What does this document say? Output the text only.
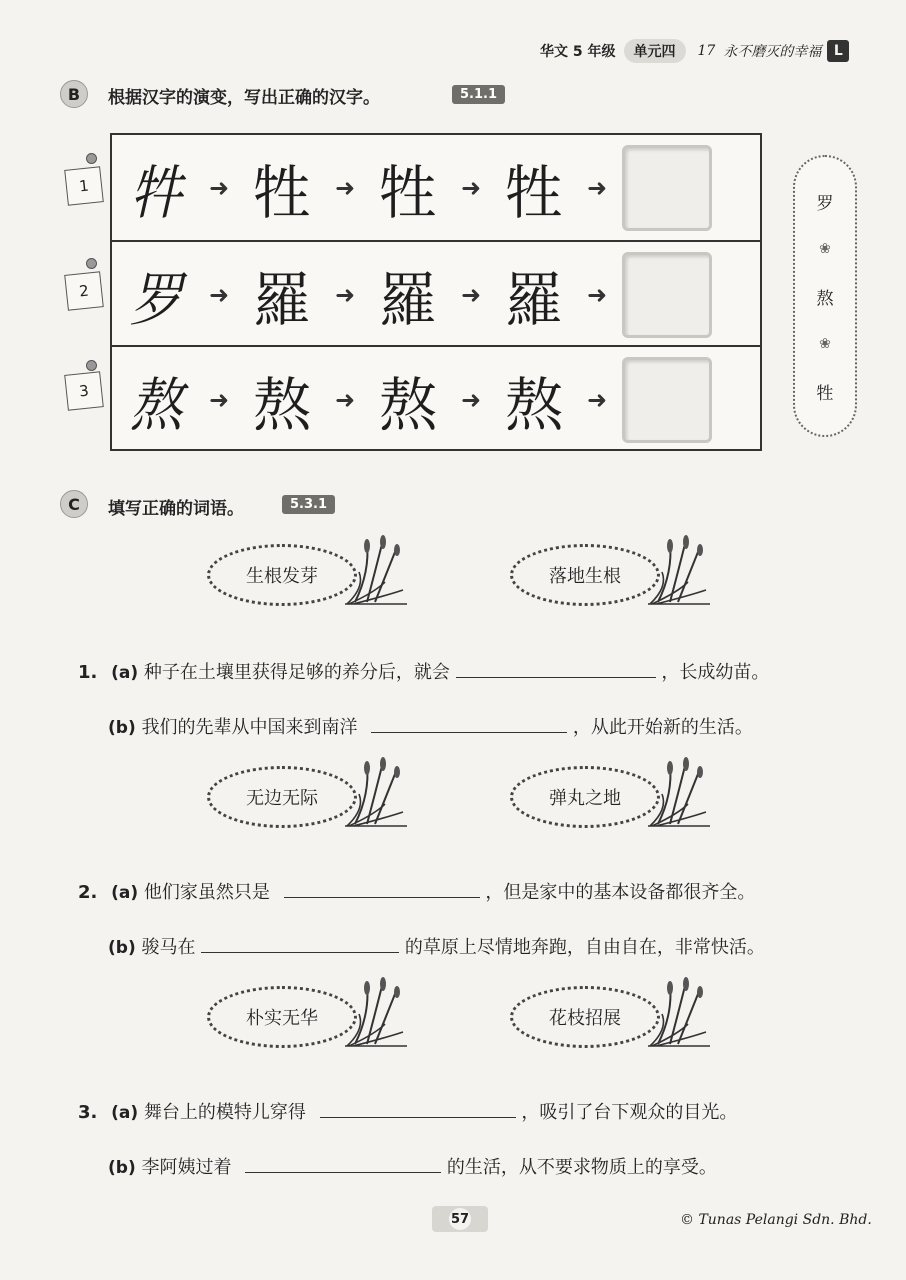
华文 5 年级	单元四	17 永不磨灭的幸福 L
B	根据汉字的演变，写出正确的汉字。	5.1.1
1
2
3
牪	➜ 牲 ➜ 牲 ➜ 牲 ➜
罗	➜ 羅 ➜ 羅 ➜ 羅 ➜
熬	➜ 熬 ➜ 熬 ➜ 熬 ➜
罗
❀
熬
❀
牲
C	填写正确的词语。	5.3.1
生根发芽	落地生根
1. (a) 种子在土壤里获得足够的养分后，就会	，长成幼苗。
(b) 我们的先辈从中国来到南洋	，从此开始新的生活。
无边无际	弹丸之地
2. (a) 他们家虽然只是	，但是家中的基本设备都很齐全。
(b) 骏马在	的草原上尽情地奔跑，自由自在，非常快活。
朴实无华	花枝招展
3. (a) 舞台上的模特儿穿得	，吸引了台下观众的目光。
(b) 李阿姨过着	的生活，从不要求物质上的享受。
57	© Tunas Pelangi Sdn. Bhd.
